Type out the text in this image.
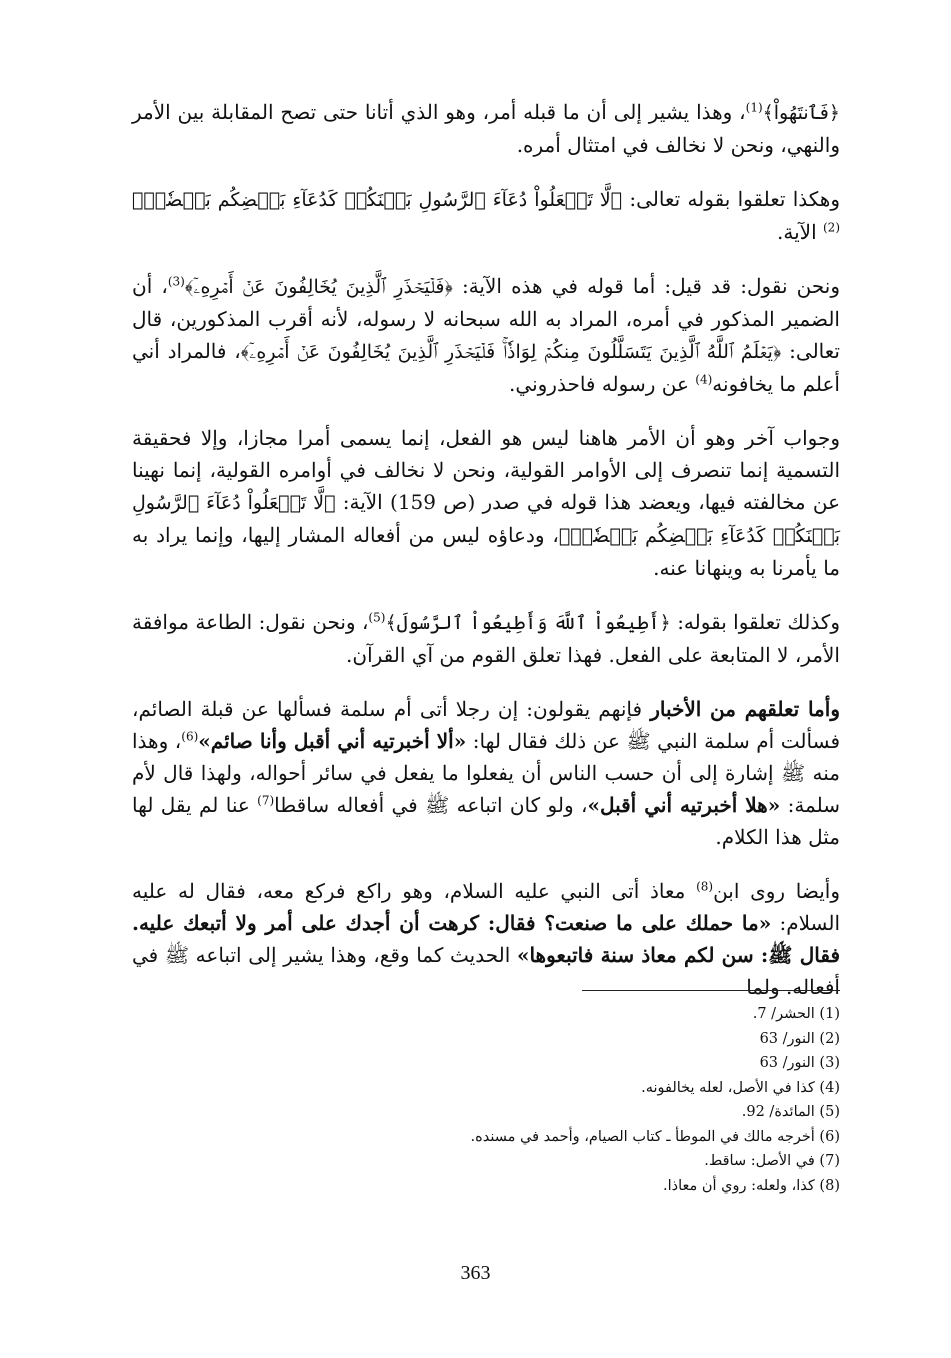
﴿فَٱنتَهُواْ﴾$^{(1)}$، وهذا يشير إلى أن ما قبله أمر، وهو الذي أتانا حتى تصح المقابلة بين الأمر والنهي، ونحن لا نخالف في امتثال أمره.

وهكذا تعلقوا بقوله تعالى: ﴿لَّا تَجۡعَلُواْ دُعَآءَ ٱلرَّسُولِ بَيۡنَكُمۡ كَدُعَآءِ بَعۡضِكُم بَعۡضٗاۚ﴾$^{(2)}$ الآية.

ونحن نقول: قد قيل: أما قوله في هذه الآية: ﴿فَلۡيَحۡذَرِ ٱلَّذِينَ يُخَالِفُونَ عَنۡ أَمۡرِهِۦٓ﴾$^{(3)}$، أن الضمير المذكور في أمره، المراد به الله سبحانه لا رسوله، لأنه أقرب المذكورين، قال تعالى: ﴿يَعۡلَمُ ٱللَّهُ ٱلَّذِينَ يَتَسَلَّلُونَ مِنكُمۡ لِوَاذٗاۚ فَلۡيَحۡذَرِ ٱلَّذِينَ يُخَالِفُونَ عَنۡ أَمۡرِهِۦٓ﴾، فالمراد أني أعلم ما يخافونه$^{(4)}$ عن رسوله فاحذروني.

وجواب آخر وهو أن الأمر هاهنا ليس هو الفعل، إنما يسمى أمرا مجازا، وإلا فحقيقة التسمية إنما تنصرف إلى الأوامر القولية، ونحن لا نخالف في أوامره القولية، إنما نهينا عن مخالفته فيها، ويعضد هذا قوله في صدر (ص 159) الآية: ﴿لَّا تَجۡعَلُواْ دُعَآءَ ٱلرَّسُولِ بَيۡنَكُمۡ كَدُعَآءِ بَعۡضِكُم بَعۡضٗاۚ﴾، ودعاؤه ليس من أفعاله المشار إليها، وإنما يراد به ما يأمرنا به وينهانا عنه.

وكذلك تعلقوا بقوله: ﴿أَطِيعُواْ ٱللَّهَ وَأَطِيعُواْ ٱلرَّسُولَ﴾$^{(5)}$، ونحن نقول: الطاعة موافقة الأمر، لا المتابعة على الفعل. فهذا تعلق القوم من آي القرآن.

وأما تعلقهم من الأخبار فإنهم يقولون: إن رجلا أتى أم سلمة فسألها عن قبلة الصائم، فسألت أم سلمة النبي ﷺ عن ذلك فقال لها: «ألا أخبرتيه أني أقبل وأنا صائم»$^{(6)}$، وهذا منه ﷺ إشارة إلى أن حسب الناس أن يفعلوا ما يفعل في سائر أحواله، ولهذا قال لأم سلمة: «هلا أخبرتيه أني أقبل»، ولو كان اتباعه ﷺ في أفعاله ساقطا$^{(7)}$ عنا لم يقل لها مثل هذا الكلام.

وأيضا روى ابن$^{(8)}$ معاذ أتى النبي عليه السلام، وهو راكع فركع معه، فقال له عليه السلام: «ما حملك على ما صنعت؟ فقال: كرهت أن أجدك على أمر ولا أتبعك عليه. فقال ﷺ: سن لكم معاذ سنة فاتبعوها» الحديث كما وقع، وهذا يشير إلى اتباعه ﷺ في أفعاله. ولما

(1) الحشر/ 7.
(2) النور/ 63
(3) النور/ 63
(4) كذا في الأصل، لعله يخالفونه.
(5) المائدة/ 92.
(6) أخرجه مالك في الموطأ ـ كتاب الصيام، وأحمد في مسنده.
(7) في الأصل: ساقط.
(8) كذا، ولعله: روي أن معاذا.
363
